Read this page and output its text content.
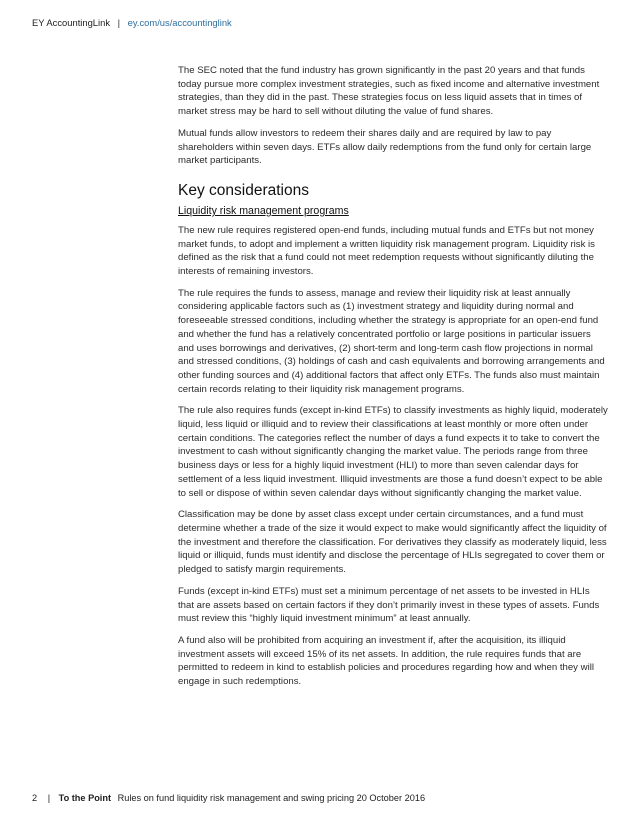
EY AccountingLink | ey.com/us/accountinglink

The SEC noted that the fund industry has grown significantly in the past 20 years and that funds today pursue more complex investment strategies, such as fixed income and alternative investment strategies, than they did in the past. These strategies focus on less liquid assets that in times of market stress may be hard to sell without diluting the value of fund shares.

Mutual funds allow investors to redeem their shares daily and are required by law to pay shareholders within seven days. ETFs allow daily redemptions from the fund only for certain large market participants.

Key considerations
Liquidity risk management programs

The new rule requires registered open-end funds, including mutual funds and ETFs but not money market funds, to adopt and implement a written liquidity risk management program. Liquidity risk is defined as the risk that a fund could not meet redemption requests without significantly diluting the interests of remaining investors.

The rule requires the funds to assess, manage and review their liquidity risk at least annually considering applicable factors such as (1) investment strategy and liquidity during normal and foreseeable stressed conditions, including whether the strategy is appropriate for an open-end fund and whether the fund has a relatively concentrated portfolio or large positions in particular issuers and uses borrowings and derivatives, (2) short-term and long-term cash flow projections in normal and stressed conditions, (3) holdings of cash and cash equivalents and borrowing arrangements and other funding sources and (4) additional factors that affect only ETFs. The funds also must maintain certain records relating to their liquidity risk management programs.

The rule also requires funds (except in-kind ETFs) to classify investments as highly liquid, moderately liquid, less liquid or illiquid and to review their classifications at least monthly or more often under certain conditions. The categories reflect the number of days a fund expects it to take to convert the investment to cash without significantly changing the market value. The periods range from three business days or less for a highly liquid investment (HLI) to more than seven calendar days for settlement of a less liquid investment. Illiquid investments are those a fund doesn’t expect to be able to sell or dispose of within seven calendar days without significantly changing the market value.

Classification may be done by asset class except under certain circumstances, and a fund must determine whether a trade of the size it would expect to make would significantly affect the liquidity of the investment and therefore the classification. For derivatives they classify as moderately liquid, less liquid or illiquid, funds must identify and disclose the percentage of HLIs segregated to cover them or pledged to satisfy margin requirements.

Funds (except in-kind ETFs) must set a minimum percentage of net assets to be invested in HLIs that are assets based on certain factors if they don’t primarily invest in these types of assets. Funds must review this “highly liquid investment minimum” at least annually.

A fund also will be prohibited from acquiring an investment if, after the acquisition, its illiquid investment assets will exceed 15% of its net assets. In addition, the rule requires funds that are permitted to redeem in kind to establish policies and procedures regarding how and when they will engage in such redemptions.

2 | To the Point Rules on fund liquidity risk management and swing pricing 20 October 2016
